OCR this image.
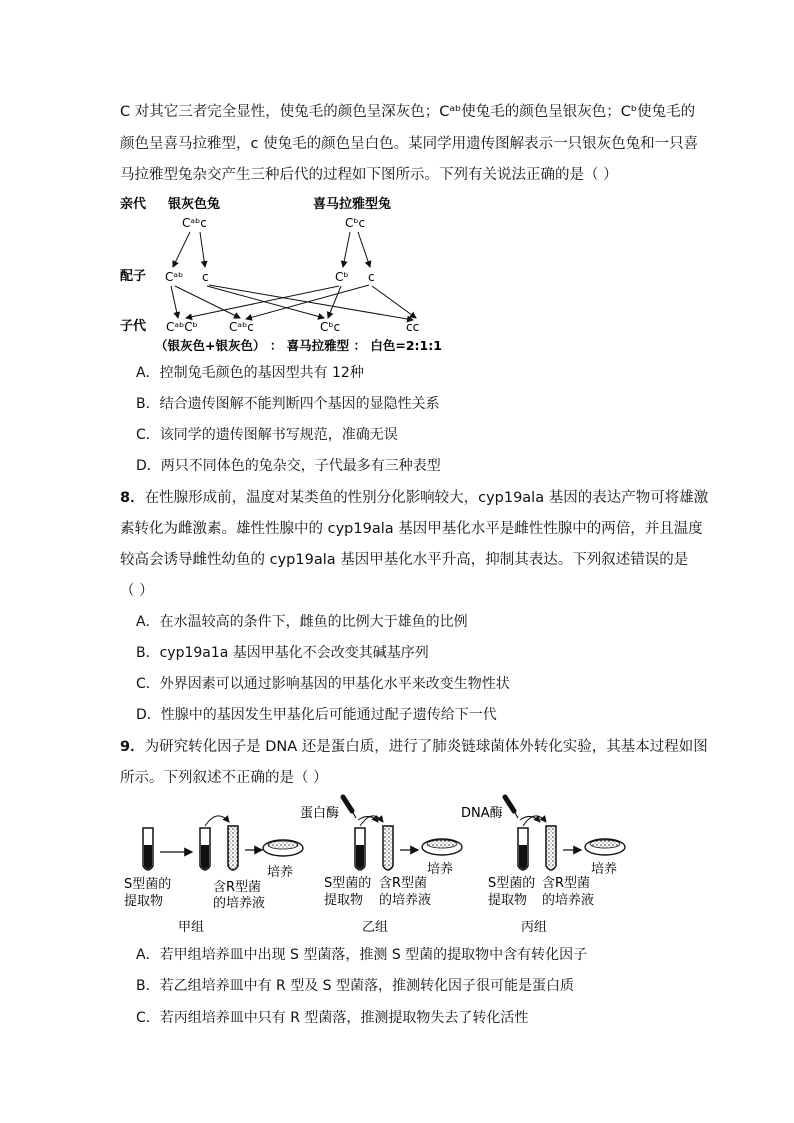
C 对其它三者完全显性，使兔毛的颜色呈深灰色；Cᵃᵇ使兔毛的颜色呈银灰色；Cᵇ使兔毛的
颜色呈喜马拉雅型，c 使兔毛的颜色呈白色。某同学用遗传图解表示一只银灰色兔和一只喜
马拉雅型兔杂交产生三种后代的过程如下图所示。下列有关说法正确的是（ ）
亲代 银灰色兔	喜马拉雅型兔
配子
子代
Cᵃᵇc	Cᵇc
Cᵃᵇ c	Cᵇ c
CᵃᵇCᵇ	Cᵃᵇc	Cᵇc	cc
（银灰色+银灰色） ： 喜马拉雅型 ： 白色=2:1:1
A．控制兔毛颜色的基因型共有 12种
B．结合遗传图解不能判断四个基因的显隐性关系
C．该同学的遗传图解书写规范，准确无误
D．两只不同体色的兔杂交，子代最多有三种表型
8．在性腺形成前，温度对某类鱼的性别分化影响较大，cyp19ala 基因的表达产物可将雄激
素转化为雌激素。雄性性腺中的 cyp19ala 基因甲基化水平是雌性性腺中的两倍，并且温度
较高会诱导雌性幼鱼的 cyp19ala 基因甲基化水平升高，抑制其表达。下列叙述错误的是
（ ）
A．在水温较高的条件下，雌鱼的比例大于雄鱼的比例
B．cyp19a1a 基因甲基化不会改变其碱基序列
C．外界因素可以通过影响基因的甲基化水平来改变生物性状
D．性腺中的基因发生甲基化后可能通过配子遗传给下一代
9．为研究转化因子是 DNA 还是蛋白质，进行了肺炎链球菌体外转化实验，其基本过程如图
所示。下列叙述不正确的是（ ）
培养
S型菌的
提取物
含R型菌
的培养液
甲组
蛋白酶
培养
S型菌的
提取物
含R型菌
的培养液
乙组
DNA酶
培养
S型菌的
提取物
含R型菌
的培养液
丙组
A．若甲组培养皿中出现 S 型菌落，推测 S 型菌的提取物中含有转化因子
B．若乙组培养皿中有 R 型及 S 型菌落，推测转化因子很可能是蛋白质
C．若丙组培养皿中只有 R 型菌落，推测提取物失去了转化活性
